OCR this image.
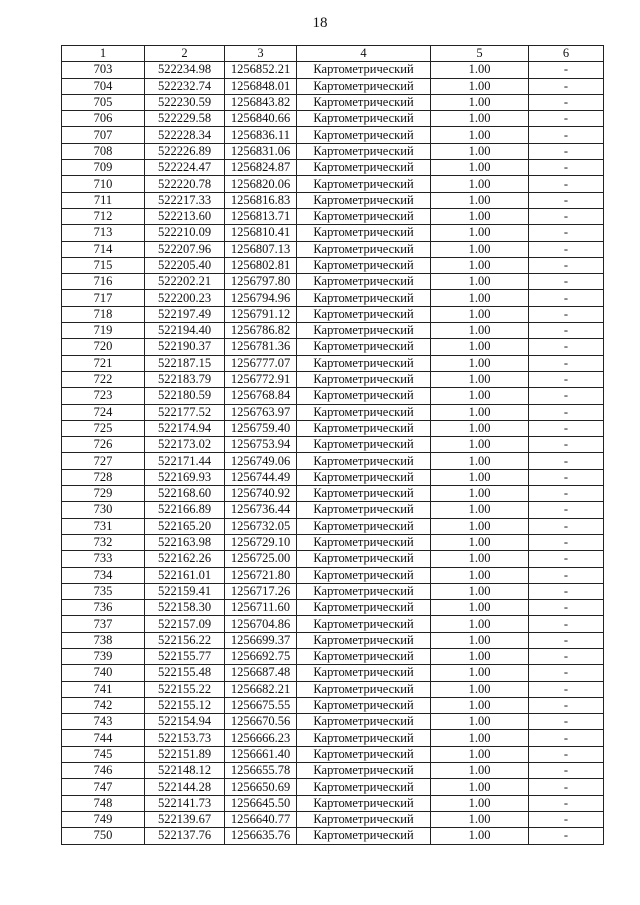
18
1	2	3	4	5	6
703	522234.98	1256852.21	Картометрический	1.00	-
704	522232.74	1256848.01	Картометрический	1.00	-
705	522230.59	1256843.82	Картометрический	1.00	-
706	522229.58	1256840.66	Картометрический	1.00	-
707	522228.34	1256836.11	Картометрический	1.00	-
708	522226.89	1256831.06	Картометрический	1.00	-
709	522224.47	1256824.87	Картометрический	1.00	-
710	522220.78	1256820.06	Картометрический	1.00	-
711	522217.33	1256816.83	Картометрический	1.00	-
712	522213.60	1256813.71	Картометрический	1.00	-
713	522210.09	1256810.41	Картометрический	1.00	-
714	522207.96	1256807.13	Картометрический	1.00	-
715	522205.40	1256802.81	Картометрический	1.00	-
716	522202.21	1256797.80	Картометрический	1.00	-
717	522200.23	1256794.96	Картометрический	1.00	-
718	522197.49	1256791.12	Картометрический	1.00	-
719	522194.40	1256786.82	Картометрический	1.00	-
720	522190.37	1256781.36	Картометрический	1.00	-
721	522187.15	1256777.07	Картометрический	1.00	-
722	522183.79	1256772.91	Картометрический	1.00	-
723	522180.59	1256768.84	Картометрический	1.00	-
724	522177.52	1256763.97	Картометрический	1.00	-
725	522174.94	1256759.40	Картометрический	1.00	-
726	522173.02	1256753.94	Картометрический	1.00	-
727	522171.44	1256749.06	Картометрический	1.00	-
728	522169.93	1256744.49	Картометрический	1.00	-
729	522168.60	1256740.92	Картометрический	1.00	-
730	522166.89	1256736.44	Картометрический	1.00	-
731	522165.20	1256732.05	Картометрический	1.00	-
732	522163.98	1256729.10	Картометрический	1.00	-
733	522162.26	1256725.00	Картометрический	1.00	-
734	522161.01	1256721.80	Картометрический	1.00	-
735	522159.41	1256717.26	Картометрический	1.00	-
736	522158.30	1256711.60	Картометрический	1.00	-
737	522157.09	1256704.86	Картометрический	1.00	-
738	522156.22	1256699.37	Картометрический	1.00	-
739	522155.77	1256692.75	Картометрический	1.00	-
740	522155.48	1256687.48	Картометрический	1.00	-
741	522155.22	1256682.21	Картометрический	1.00	-
742	522155.12	1256675.55	Картометрический	1.00	-
743	522154.94	1256670.56	Картометрический	1.00	-
744	522153.73	1256666.23	Картометрический	1.00	-
745	522151.89	1256661.40	Картометрический	1.00	-
746	522148.12	1256655.78	Картометрический	1.00	-
747	522144.28	1256650.69	Картометрический	1.00	-
748	522141.73	1256645.50	Картометрический	1.00	-
749	522139.67	1256640.77	Картометрический	1.00	-
750	522137.76	1256635.76	Картометрический	1.00	-
